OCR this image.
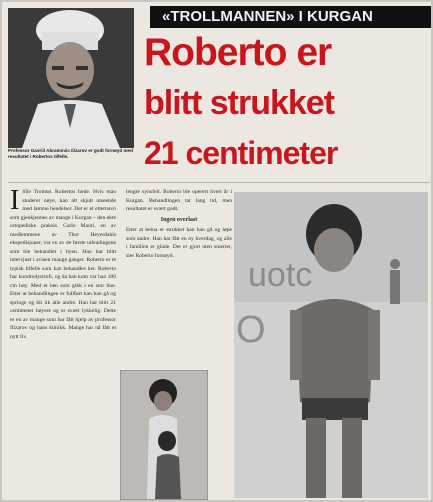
«TROLLMANNEN» I KURGAN
Professor Gavriil Abramovic Ilizarov er godt fornøyd med resultatet i Robertos tilfelle.
Roberto er
blitt strukket
21 centimeter
I lille Tromsø. Robertos hode. Hvis man studerer nøye, kan alt skjult utseende med lamme hendelser. Det er et etternavn som gjenkjennes av mange i Kurgan – den ekte ortopediske praksis. Carlo Mauri, en av medlemmene av Thor Heyerdahls ekspedisjoner, var en av de første utlendingene som ble behandlet i byen. Han har blitt intervjuet i avisen mange ganger. Roberto er et typisk tilfelle som kan behandles her. Roberto har kondrodystrofi, og da han kom var han 106 cm høy. Med et ben som gikk i en stor bue. Etter at behandlingen er fullført kan han gå og springe og bli lik alle andre. Han har blitt 21 centimeter høyere og er svært lykkelig. Dette er en av mange som har fått hjelp av professor Ilizarov og hans klinikk. Mange har nå fått et nytt liv.

lengre synsfelt. Roberto ble operert hvert år i Kurgan. Behandlingen tar lang tid, men resultatet er svært godt.

Ingen overlast

Etter at beina er strukket kan han gå og løpe som andre. Han har fått en ny hverdag, og alle i familien er glade. Det er gjort uten smerter, sier Roberto fornøyd.

uotc
O
